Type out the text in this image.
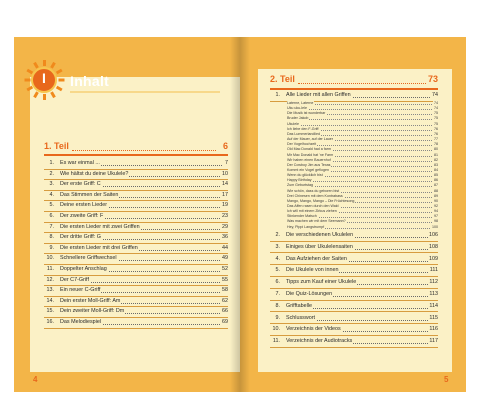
I	Inhalt
1. Teil	6
1. Es war einmal ...	7
2. Wie hältst du deine Ukulele?	10
3. Der erste Griff: C	14
4. Das Stimmen der Saiten	17
5. Deine ersten Lieder	19
6. Der zweite Griff: F	23
7. Die ersten Lieder mit zwei Griffen	29
8. Der dritte Griff: G	36
9. Die ersten Lieder mit drei Griffen	44
10. Schnellere Griffwechsel	49
11. Doppelter Anschlag	52
12. Der C7-Griff	55
13. Ein neuer C-Griff	58
14. Dein erster Moll-Griff: Am	62
15. Dein zweiter Moll-Griff: Dm	66
16. Das Melodiespiel	69
4
2. Teil	73
1. Alle Lieder mit allen Griffen	74
Laterne, Laterne	74
Uku uku-lele	74
Die Musik ist wunderbar	75
Bruder Jakob	75
Ukulele	75
Ich liebe den F-Griff	76
Das Lummerlandlied	76
Auf der Mauer, auf der Lauer	77
Der Vogelhochzeit	78
Old Mac Donald had a farm	80
Mir Mac Donald hat 'ne Farm	81
Wir haben einen Bauernhof	82
Der Cowboy Jim aus Texas	83
Kommt ein Vogel geflogen	84
Wenn du glücklich bist	85
Happy Birthday	86
Zum Geburtstag	87
Wie schön, dass du geboren bist	88
Drei Chinesen mit dem Kontrabass	89
Mango, Mango, Mango – Die Früchtesong	90
Das Affen rasen durch den Wald	92
Ich will mit einem Zirkus ziehen	94
Stinkender Matsch	97
Was machen wir mit dem Seemann?	98
Hey, Pippi Langstrumpf	100
2. Die verschiedenen Ukulelen	106
3. Einiges über Ukulelensaiten	108
4. Das Aufziehen der Saiten	109
5. Die Ukulele von innen	111
6. Tipps zum Kauf einer Ukulele	112
7. Die Quiz-Lösungen	113
8. Grifftabelle	114
9. Schlusswort	115
10. Verzeichnis der Videos	116
11. Verzeichnis der Audiotracks	117
5
